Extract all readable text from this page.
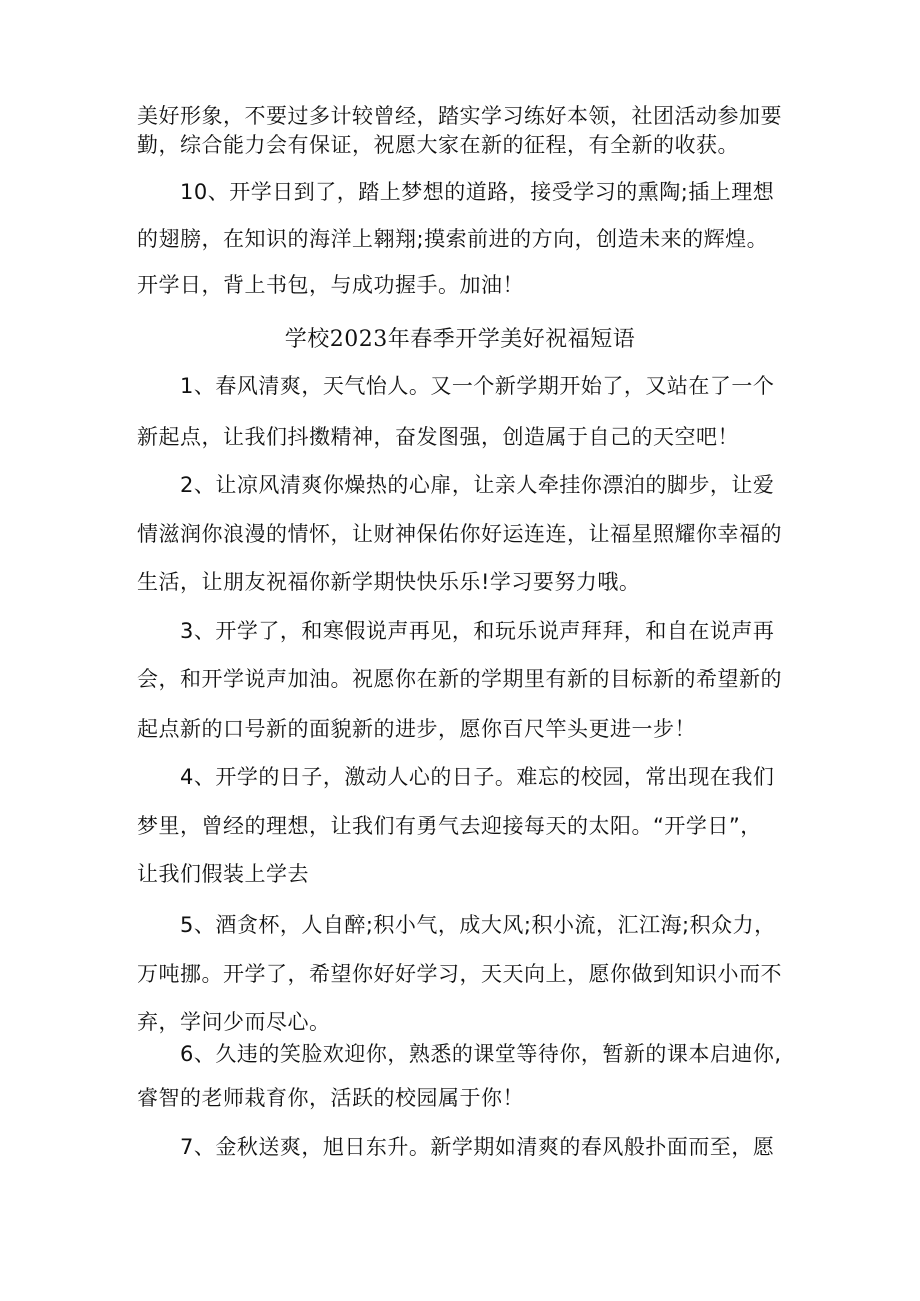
美好形象，不要过多计较曾经，踏实学习练好本领，社团活动参加要
勤，综合能力会有保证，祝愿大家在新的征程，有全新的收获。
10、开学日到了，踏上梦想的道路，接受学习的熏陶;插上理想
的翅膀，在知识的海洋上翱翔;摸索前进的方向，创造未来的辉煌。
开学日，背上书包，与成功握手。加油！
学校2023年春季开学美好祝福短语
1、春风清爽，天气怡人。又一个新学期开始了，又站在了一个
新起点，让我们抖擞精神，奋发图强，创造属于自己的天空吧！
2、让凉风清爽你燥热的心扉，让亲人牵挂你漂泊的脚步，让爱
情滋润你浪漫的情怀，让财神保佑你好运连连，让福星照耀你幸福的
生活，让朋友祝福你新学期快快乐乐!学习要努力哦。
3、开学了，和寒假说声再见，和玩乐说声拜拜，和自在说声再
会，和开学说声加油。祝愿你在新的学期里有新的目标新的希望新的
起点新的口号新的面貌新的进步，愿你百尺竿头更进一步！
4、开学的日子，激动人心的日子。难忘的校园，常出现在我们
梦里，曾经的理想，让我们有勇气去迎接每天的太阳。“开学日”，
让我们假装上学去
5、酒贪杯，人自醉;积小气，成大风;积小流，汇江海;积众力，
万吨挪。开学了，希望你好好学习，天天向上，愿你做到知识小而不
弃，学问少而尽心。
6、久违的笑脸欢迎你，熟悉的课堂等待你，暂新的课本启迪你,
睿智的老师栽育你，活跃的校园属于你！
7、金秋送爽，旭日东升。新学期如清爽的春风般扑面而至，愿
